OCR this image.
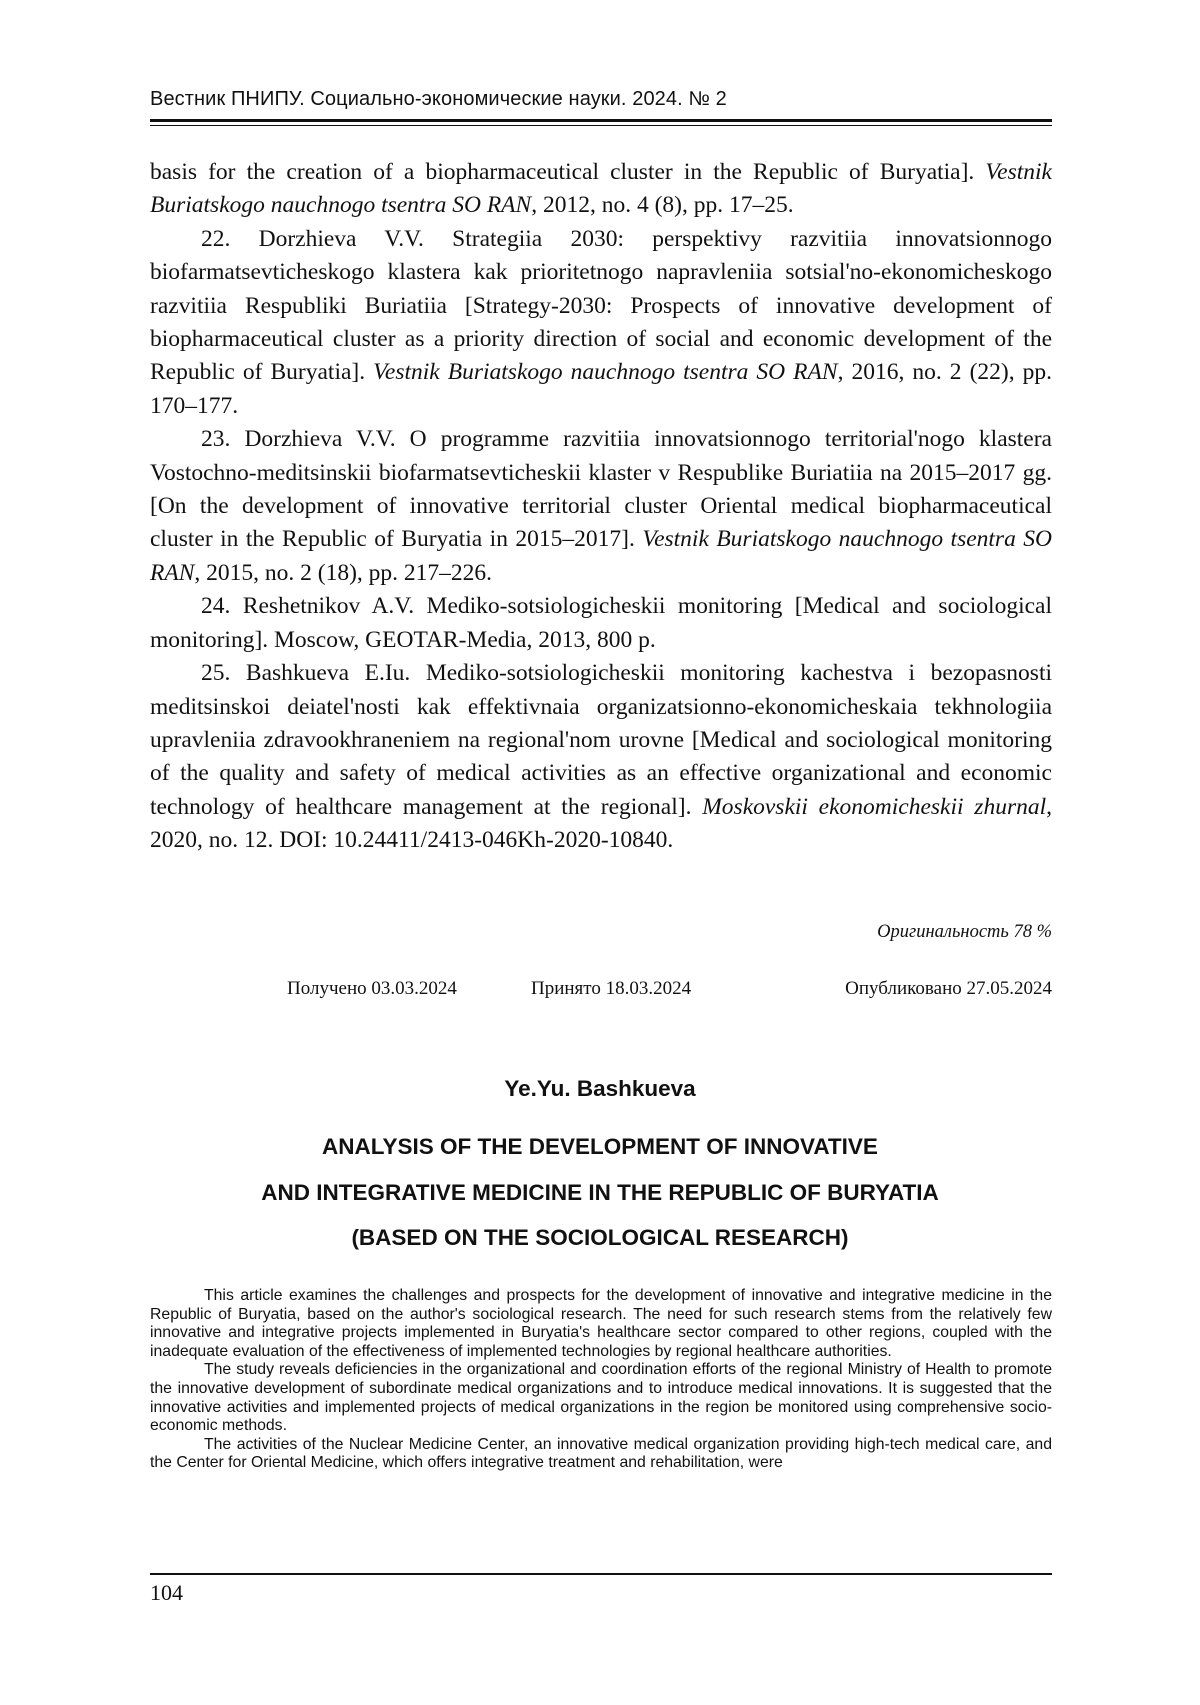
Вестник ПНИПУ. Социально-экономические науки. 2024. № 2

basis for the creation of a biopharmaceutical cluster in the Republic of Buryatia]. Vestnik Buriatskogo nauchnogo tsentra SO RAN, 2012, no. 4 (8), pp. 17–25.

22. Dorzhieva V.V. Strategiia 2030: perspektivy razvitiia innovatsionnogo biofarmatsevticheskogo klastera kak prioritetnogo napravleniia sotsial'no-ekonomicheskogo razvitiia Respubliki Buriatiia [Strategy-2030: Prospects of innovative development of biopharmaceutical cluster as a priority direction of social and economic development of the Republic of Buryatia]. Vestnik Buriatskogo nauchnogo tsentra SO RAN, 2016, no. 2 (22), pp. 170–177.

23. Dorzhieva V.V. O programme razvitiia innovatsionnogo territorial'nogo klastera Vostochno-meditsinskii biofarmatsevticheskii klaster v Respublike Buriatiia na 2015–2017 gg. [On the development of innovative territorial cluster Oriental medical biopharmaceutical cluster in the Republic of Buryatia in 2015–2017]. Vestnik Buriatskogo nauchnogo tsentra SO RAN, 2015, no. 2 (18), pp. 217–226.

24. Reshetnikov A.V. Mediko-sotsiologicheskii monitoring [Medical and sociological monitoring]. Moscow, GEOTAR-Media, 2013, 800 p.

25. Bashkueva E.Iu. Mediko-sotsiologicheskii monitoring kachestva i bezopasnosti meditsinskoi deiatel'nosti kak effektivnaia organizatsionno-ekonomicheskaia tekhnologiia upravleniia zdravookhraneniem na regional'nom urovne [Medical and sociological monitoring of the quality and safety of medical activities as an effective organizational and economic technology of healthcare management at the regional]. Moskovskii ekonomicheskii zhurnal, 2020, no. 12. DOI: 10.24411/2413-046Kh-2020-10840.

Оригинальность 78 %
Получено 03.03.2024	Принято 18.03.2024	Опубликовано 27.05.2024
Ye.Yu. Bashkueva
ANALYSIS OF THE DEVELOPMENT OF INNOVATIVE
AND INTEGRATIVE MEDICINE IN THE REPUBLIC OF BURYATIA
(BASED ON THE SOCIOLOGICAL RESEARCH)

This article examines the challenges and prospects for the development of innovative and integrative medicine in the Republic of Buryatia, based on the author's sociological research. The need for such research stems from the relatively few innovative and integrative projects implemented in Buryatia's healthcare sector compared to other regions, coupled with the inadequate evaluation of the effectiveness of implemented technologies by regional healthcare authorities.

The study reveals deficiencies in the organizational and coordination efforts of the regional Ministry of Health to promote the innovative development of subordinate medical organizations and to introduce medical innovations. It is suggested that the innovative activities and implemented projects of medical organizations in the region be monitored using comprehensive socio-economic methods.

The activities of the Nuclear Medicine Center, an innovative medical organization providing high-tech medical care, and the Center for Oriental Medicine, which offers integrative treatment and rehabilitation, were

104
